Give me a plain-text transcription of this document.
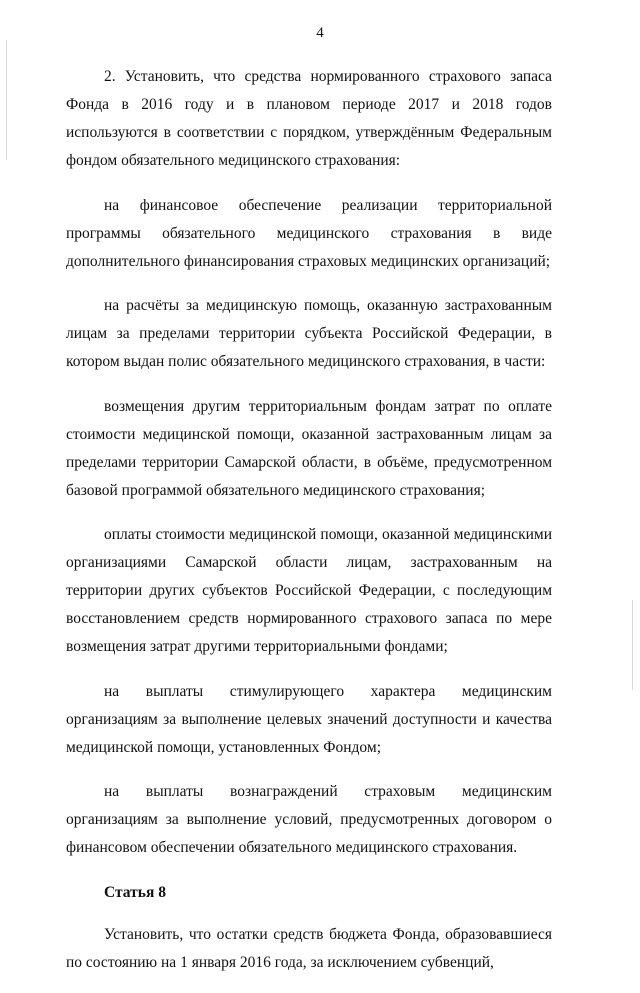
4

2. Установить, что средства нормированного страхового запаса Фонда в 2016 году и в плановом периоде 2017 и 2018 годов используются в соответствии с порядком, утверждённым Федеральным фондом обязательного медицинского страхования:

на финансовое обеспечение реализации территориальной программы обязательного медицинского страхования в виде дополнительного финансирования страховых медицинских организаций;

на расчёты за медицинскую помощь, оказанную застрахованным лицам за пределами территории субъекта Российской Федерации, в котором выдан полис обязательного медицинского страхования, в части:

возмещения другим территориальным фондам затрат по оплате стоимости медицинской помощи, оказанной застрахованным лицам за пределами территории Самарской области, в объёме, предусмотренном базовой программой обязательного медицинского страхования;

оплаты стоимости медицинской помощи, оказанной медицинскими организациями Самарской области лицам, застрахованным на территории других субъектов Российской Федерации, с последующим восстановлением средств нормированного страхового запаса по мере возмещения затрат другими территориальными фондами;

на выплаты стимулирующего характера медицинским организациям за выполнение целевых значений доступности и качества медицинской помощи, установленных Фондом;

на выплаты вознаграждений страховым медицинским организациям за выполнение условий, предусмотренных договором о финансовом обеспечении обязательного медицинского страхования.

Статья 8

Установить, что остатки средств бюджета Фонда, образовавшиеся по состоянию на 1 января 2016 года, за исключением субвенций,
